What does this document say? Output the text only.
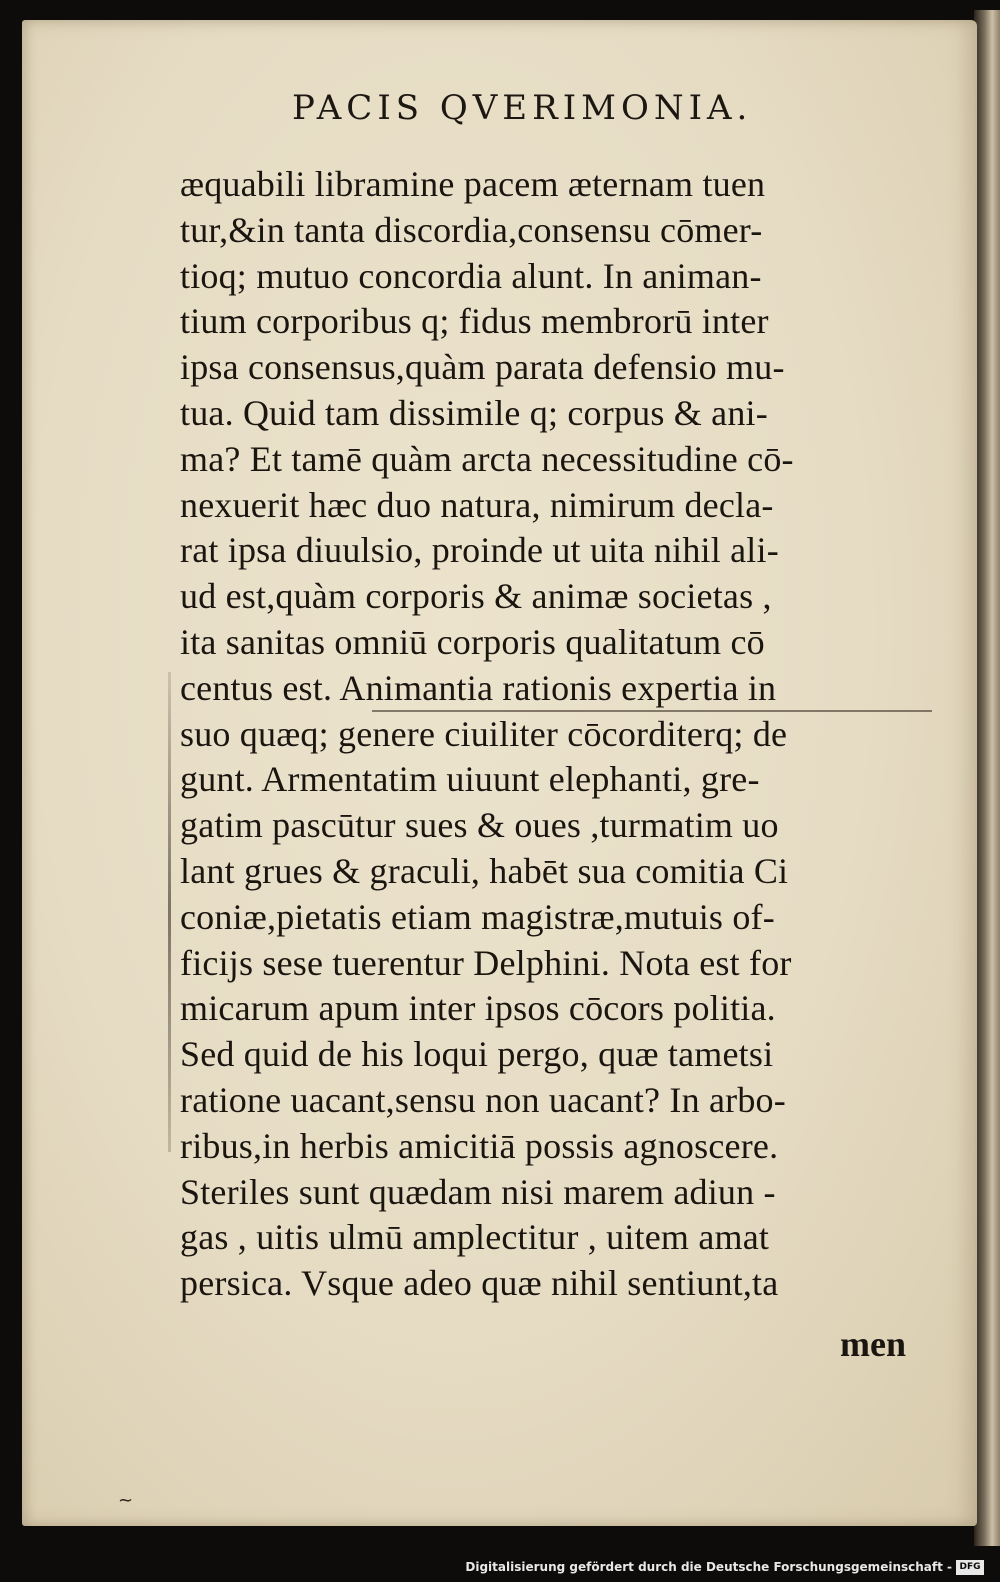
PACIS QVERIMONIA.
æquabili libramine pacem æternam tuen
tur,&in tanta discordia,consensu cōmer-
tioq; mutuo concordia alunt. In animan-
tium corporibus q; fidus membrorū inter
ipsa consensus,quàm parata defensio mu-
tua. Quid tam dissimile q; corpus & ani-
ma? Et tamē quàm arcta necessitudine cō-
nexuerit hæc duo natura, nimirum decla-
rat ipsa diuulsio, proinde ut uita nihil ali-
ud est,quàm corporis & animæ societas ,
ita sanitas omniū corporis qualitatum cō
centus est. Animantia rationis expertia in
suo quæq; genere ciuiliter cōcorditerq; de
gunt. Armentatim uiuunt elephanti, gre-
gatim pascūtur sues & oues ,turmatim uo
lant grues & graculi, habēt sua comitia Ci
coniæ,pietatis etiam magistræ,mutuis of-
ficijs sese tuerentur Delphini. Nota est for
micarum apum inter ipsos cōcors politia.
Sed quid de his loqui pergo, quæ tametsi
ratione uacant,sensu non uacant? In arbo-
ribus,in herbis amicitiā possis agnoscere.
Steriles sunt quædam nisi marem adiun -
gas , uitis ulmū amplectitur , uitem amat
persica. Vsque adeo quæ nihil sentiunt,ta
men
~
Digitalisierung gefördert durch die Deutsche Forschungsgemeinschaft - DFG
